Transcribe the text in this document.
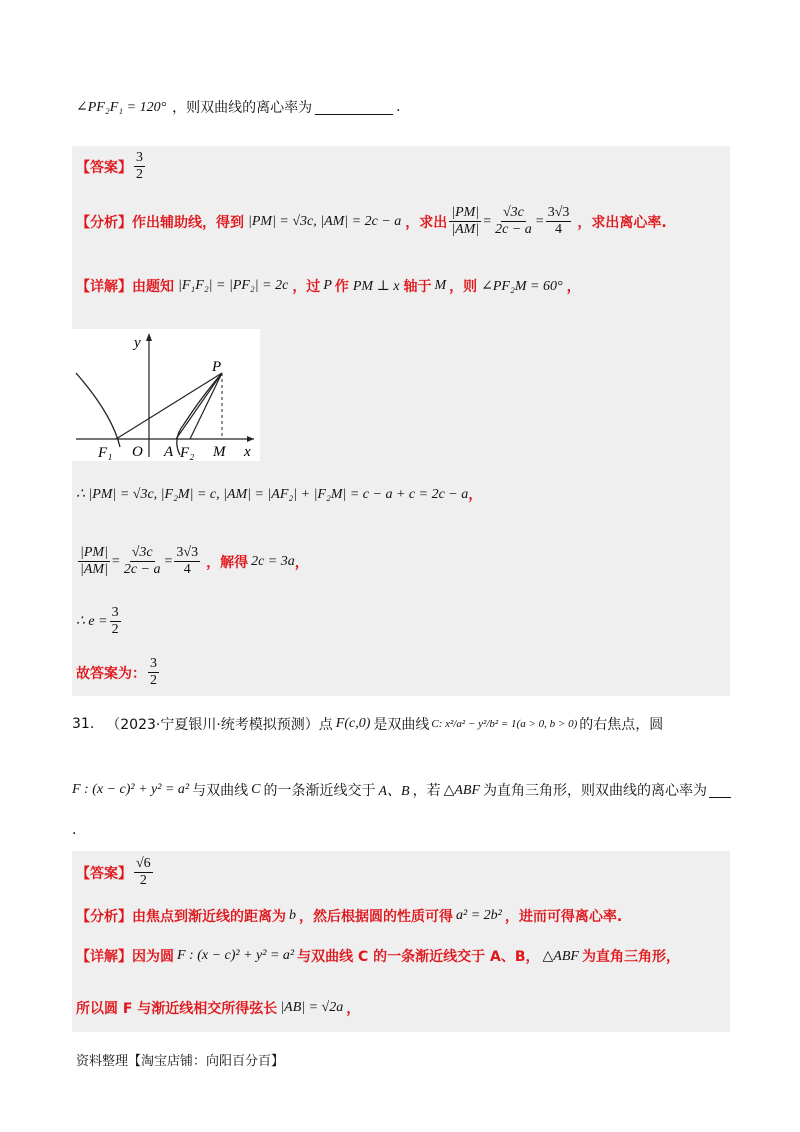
∠PF₂F₁ = 120° ，则双曲线的离心率为	.
【答案】 $\frac{3}{2}$
【分析】 作出辅助线，得到 |PM| = √3c, |AM| = 2c − a ，求出 $\frac{|PM|}{|AM|} = \frac{√3c}{2c - a} = \frac{3√3}{4}$ ，求出离心率.
【详解】 由题知 |F₁F₂| = |PF₂| = 2c ，过 P 作 PM ⊥ x 轴于 M ，则 ∠PF₂M = 60° ，
y
x
P
F₁ O A F₂ M
∴ |PM| = √3c, |F₂M| = c, |AM| = |AF₂| + |F₂M| = c − a + c = 2c − a ，
$\frac{|PM|}{|AM|} = \frac{√3c}{2c - a} = \frac{3√3}{4}$ ，解得 2c = 3a ，
∴ $e = \frac{3}{2}$
故答案为： $\frac{3}{2}$
31. （2023·宁夏银川·统考模拟预测）点 F(c,0) 是双曲线 C: x²/a² − y²/b² = 1(a > 0, b > 0) 的右焦点，圆
F : (x − c)² + y² = a² 与双曲线 C 的一条渐近线交于 A、B ，若 △ABF 为直角三角形，则双曲线的离心率为
.
【答案】 $\frac{√6}{2}$
【分析】 由焦点到渐近线的距离为 b ，然后根据圆的性质可得 a² = 2b² ，进而可得离心率.
【详解】 因为圆 F : (x − c)² + y² = a² 与双曲线 C 的一条渐近线交于 A、B， △ABF 为直角三角形，
所以圆 F 与渐近线相交所得弦长 |AB| = √2a ，
资料整理【淘宝店铺：向阳百分百】
